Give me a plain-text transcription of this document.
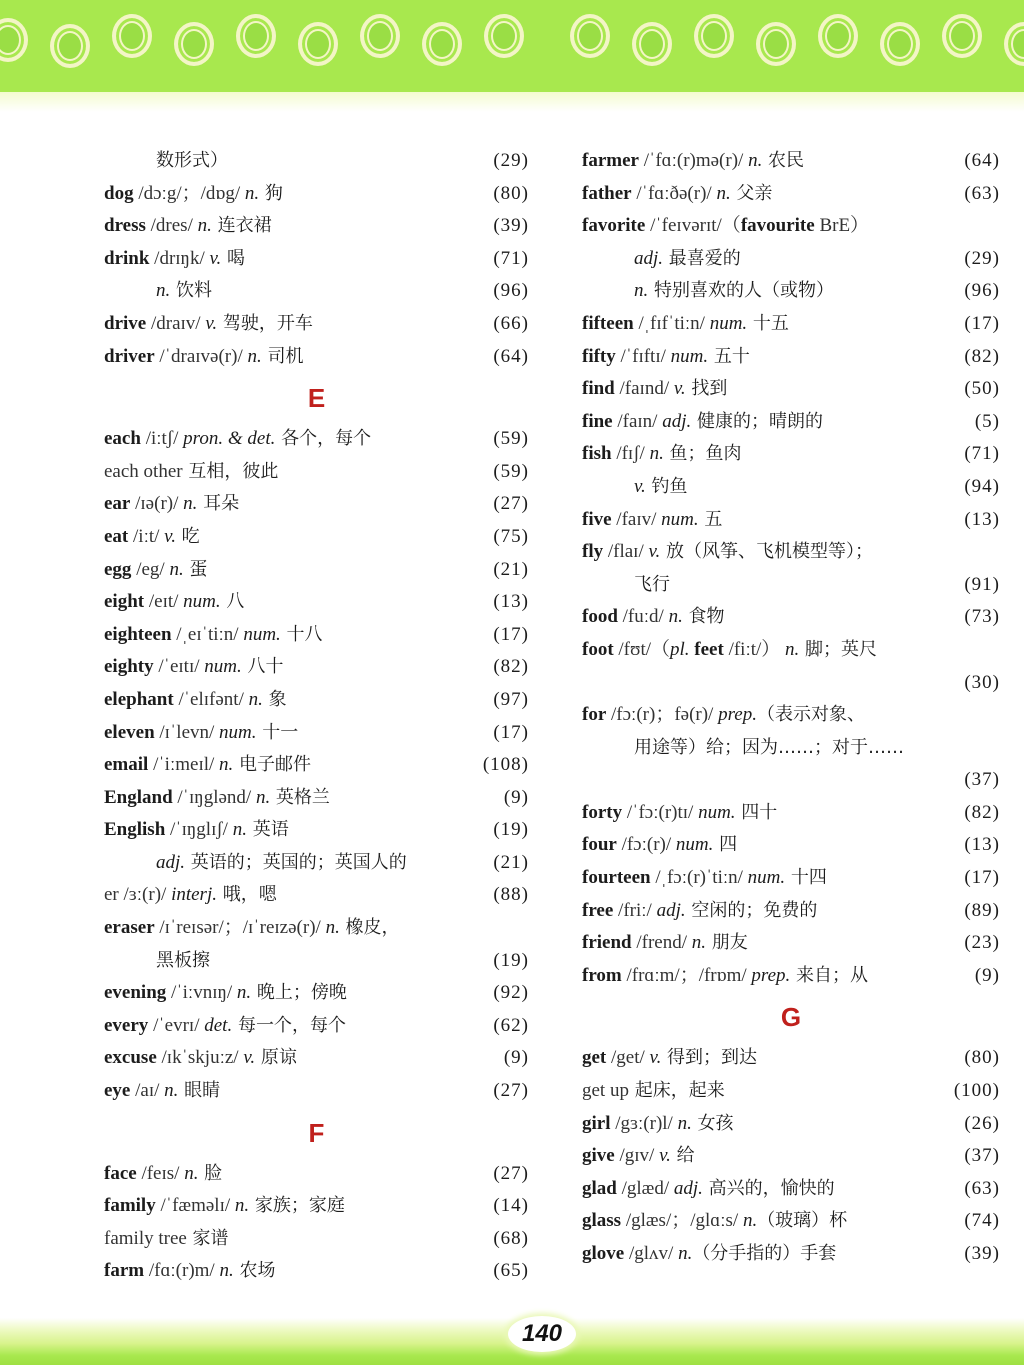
数形式）	(29)
dog /dɔːg/；/dɒg/ n. 狗	(80)
dress /dres/ n. 连衣裙	(39)
drink /drɪŋk/ v. 喝	(71)
n. 饮料	(96)
drive /draɪv/ v. 驾驶，开车	(66)
driver /ˈdraɪvə(r)/ n. 司机	(64)
E
each /iːtʃ/ pron. & det. 各个，每个	(59)
each other 互相，彼此	(59)
ear /ɪə(r)/ n. 耳朵	(27)
eat /iːt/ v. 吃	(75)
egg /eg/ n. 蛋	(21)
eight /eɪt/ num. 八	(13)
eighteen /ˌeɪˈtiːn/ num. 十八	(17)
eighty /ˈeɪtɪ/ num. 八十	(82)
elephant /ˈelɪfənt/ n. 象	(97)
eleven /ɪˈlevn/ num. 十一	(17)
email /ˈiːmeɪl/ n. 电子邮件	(108)
England /ˈɪŋglənd/ n. 英格兰	(9)
English /ˈɪŋglɪʃ/ n. 英语	(19)
adj. 英语的；英国的；英国人的	(21)
er /ɜː(r)/ interj. 哦，嗯	(88)
eraser /ɪˈreɪsər/；/ɪˈreɪzə(r)/ n. 橡皮，
黑板擦	(19)
evening /ˈiːvnɪŋ/ n. 晚上；傍晚	(92)
every /ˈevrɪ/ det. 每一个，每个	(62)
excuse /ɪkˈskjuːz/ v. 原谅	(9)
eye /aɪ/ n. 眼睛	(27)
F
face /feɪs/ n. 脸	(27)
family /ˈfæməlɪ/ n. 家族；家庭	(14)
family tree 家谱	(68)
farm /fɑː(r)m/ n. 农场	(65)
farmer /ˈfɑː(r)mə(r)/ n. 农民	(64)
father /ˈfɑːðə(r)/ n. 父亲	(63)
favorite /ˈfeɪvərɪt/（favourite BrE）
adj. 最喜爱的	(29)
n. 特别喜欢的人（或物）	(96)
fifteen /ˌfɪfˈtiːn/ num. 十五	(17)
fifty /ˈfɪftɪ/ num. 五十	(82)
find /faɪnd/ v. 找到	(50)
fine /faɪn/ adj. 健康的；晴朗的	(5)
fish /fɪʃ/ n. 鱼；鱼肉	(71)
v. 钓鱼	(94)
five /faɪv/ num. 五	(13)
fly /flaɪ/ v. 放（风筝、飞机模型等）；
飞行	(91)
food /fuːd/ n. 食物	(73)
foot /fʊt/（pl. feet /fiːt/） n. 脚；英尺
(30)
for /fɔː(r)；fə(r)/ prep.（表示对象、
用途等）给；因为……；对于……
(37)
forty /ˈfɔː(r)tɪ/ num. 四十	(82)
four /fɔː(r)/ num. 四	(13)
fourteen /ˌfɔː(r)ˈtiːn/ num. 十四	(17)
free /friː/ adj. 空闲的；免费的	(89)
friend /frend/ n. 朋友	(23)
from /frɑːm/；/frɒm/ prep. 来自；从	(9)
G
get /get/ v. 得到；到达	(80)
get up 起床，起来	(100)
girl /gɜː(r)l/ n. 女孩	(26)
give /gɪv/ v. 给	(37)
glad /glæd/ adj. 高兴的，愉快的	(63)
glass /glæs/；/glɑːs/ n.（玻璃）杯	(74)
glove /glʌv/ n.（分手指的）手套	(39)
140
